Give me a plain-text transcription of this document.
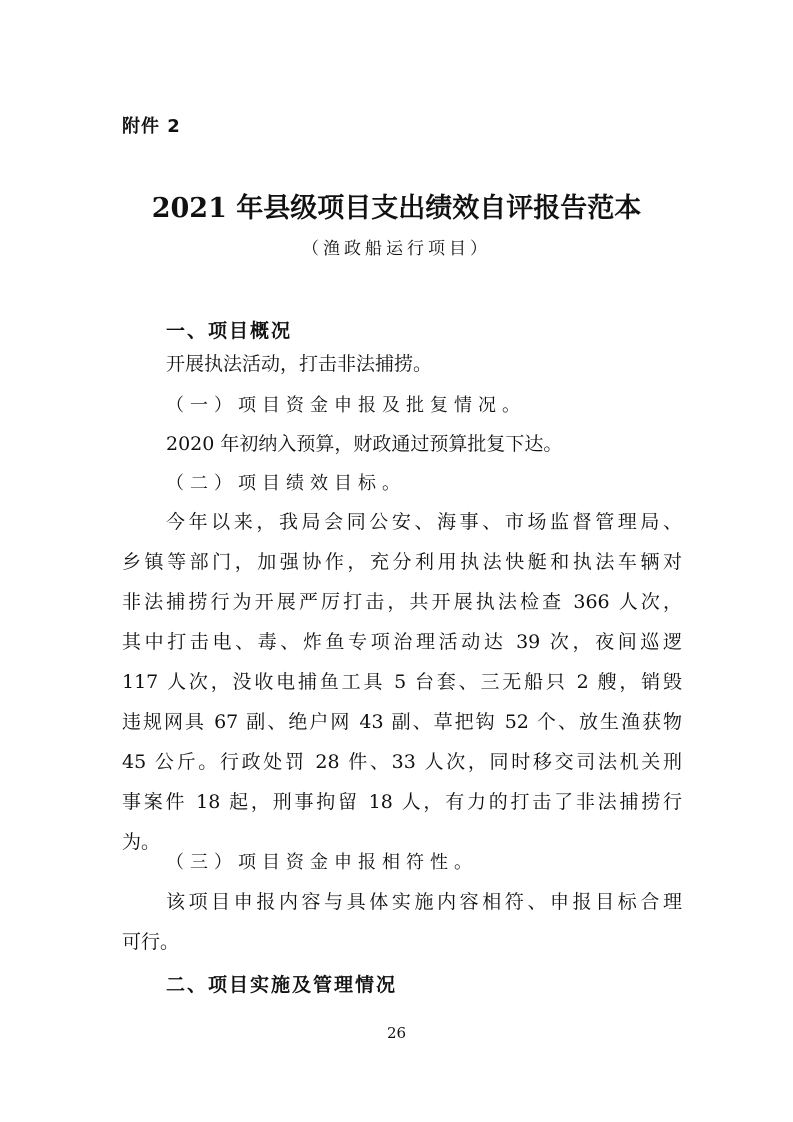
附件 2
2021 年县级项目支出绩效自评报告范本
（渔政船运行项目）
一、项目概况
开展执法活动，打击非法捕捞。
（一）项目资金申报及批复情况。
2020 年初纳入预算，财政通过预算批复下达。
（二）项目绩效目标。
今年以来，我局会同公安、海事、市场监督管理局、
乡镇等部门，加强协作，充分利用执法快艇和执法车辆对
非法捕捞行为开展严厉打击，共开展执法检查 366 人次，
其中打击电、毒、炸鱼专项治理活动达 39 次，夜间巡逻
117 人次，没收电捕鱼工具 5 台套、三无船只 2 艘，销毁
违规网具 67 副、绝户网 43 副、草把钩 52 个、放生渔获物
45 公斤。行政处罚 28 件、33 人次，同时移交司法机关刑
事案件 18 起，刑事拘留 18 人，有力的打击了非法捕捞行
为。
（三）项目资金申报相符性。
该项目申报内容与具体实施内容相符、申报目标合理
可行。
二、项目实施及管理情况
26
